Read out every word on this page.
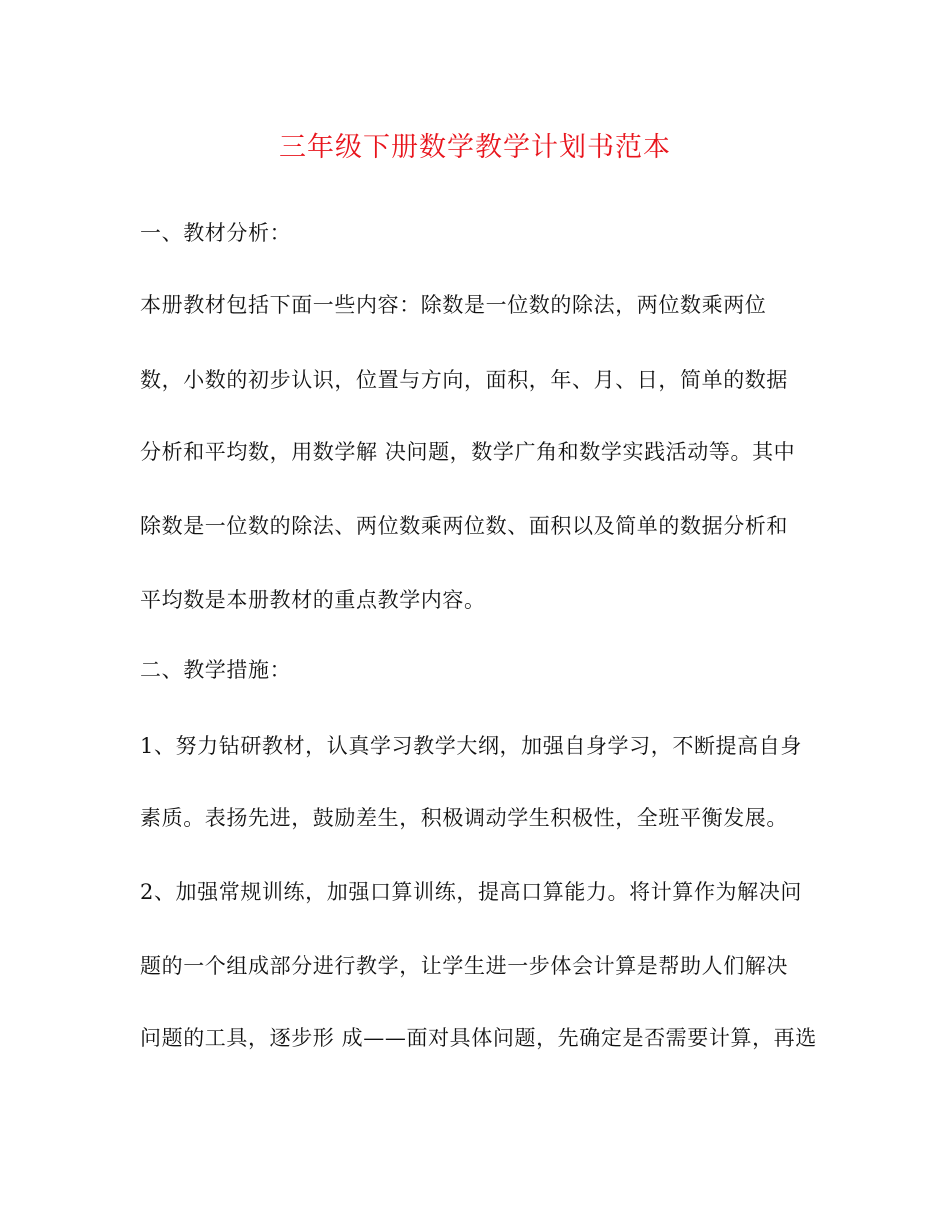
三年级下册数学教学计划书范本
一、教材分析：
本册教材包括下面一些内容：除数是一位数的除法，两位数乘两位
数，小数的初步认识，位置与方向，面积，年、月、日，简单的数据
分析和平均数，用数学解 决问题，数学广角和数学实践活动等。其中
除数是一位数的除法、两位数乘两位数、面积以及简单的数据分析和
平均数是本册教材的重点教学内容。
二、教学措施：
1、努力钻研教材，认真学习教学大纲，加强自身学习，不断提高自身
素质。表扬先进，鼓励差生，积极调动学生积极性，全班平衡发展。
2、加强常规训练，加强口算训练，提高口算能力。将计算作为解决问
题的一个组成部分进行教学，让学生进一步体会计算是帮助人们解决
问题的工具，逐步形 成——面对具体问题，先确定是否需要计算，再选
